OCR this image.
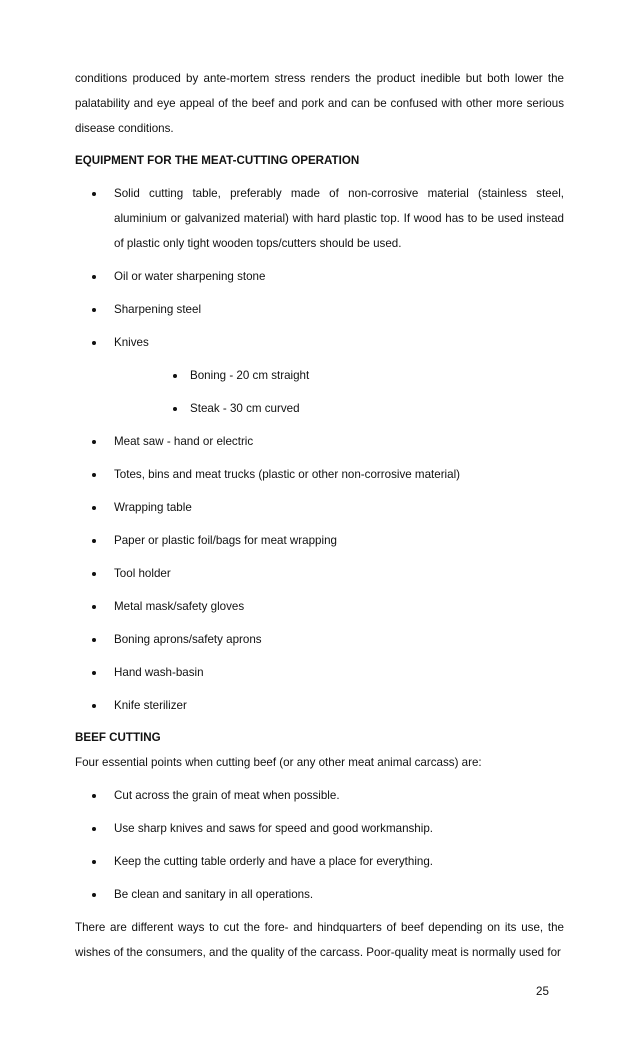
conditions produced by ante-mortem stress renders the product inedible but both lower the palatability and eye appeal of the beef and pork and can be confused with other more serious disease conditions.

EQUIPMENT FOR THE MEAT-CUTTING OPERATION

Solid cutting table, preferably made of non-corrosive material (stainless steel, aluminium or galvanized material) with hard plastic top. If wood has to be used instead of plastic only tight wooden tops/cutters should be used.
Oil or water sharpening stone
Sharpening steel
Knives
Boning - 20 cm straight
Steak - 30 cm curved
Meat saw - hand or electric
Totes, bins and meat trucks (plastic or other non-corrosive material)
Wrapping table
Paper or plastic foil/bags for meat wrapping
Tool holder
Metal mask/safety gloves
Boning aprons/safety aprons
Hand wash-basin
Knife sterilizer

BEEF CUTTING

Four essential points when cutting beef (or any other meat animal carcass) are:

Cut across the grain of meat when possible.
Use sharp knives and saws for speed and good workmanship.
Keep the cutting table orderly and have a place for everything.
Be clean and sanitary in all operations.

There are different ways to cut the fore- and hindquarters of beef depending on its use, the wishes of the consumers, and the quality of the carcass. Poor-quality meat is normally used for

25
